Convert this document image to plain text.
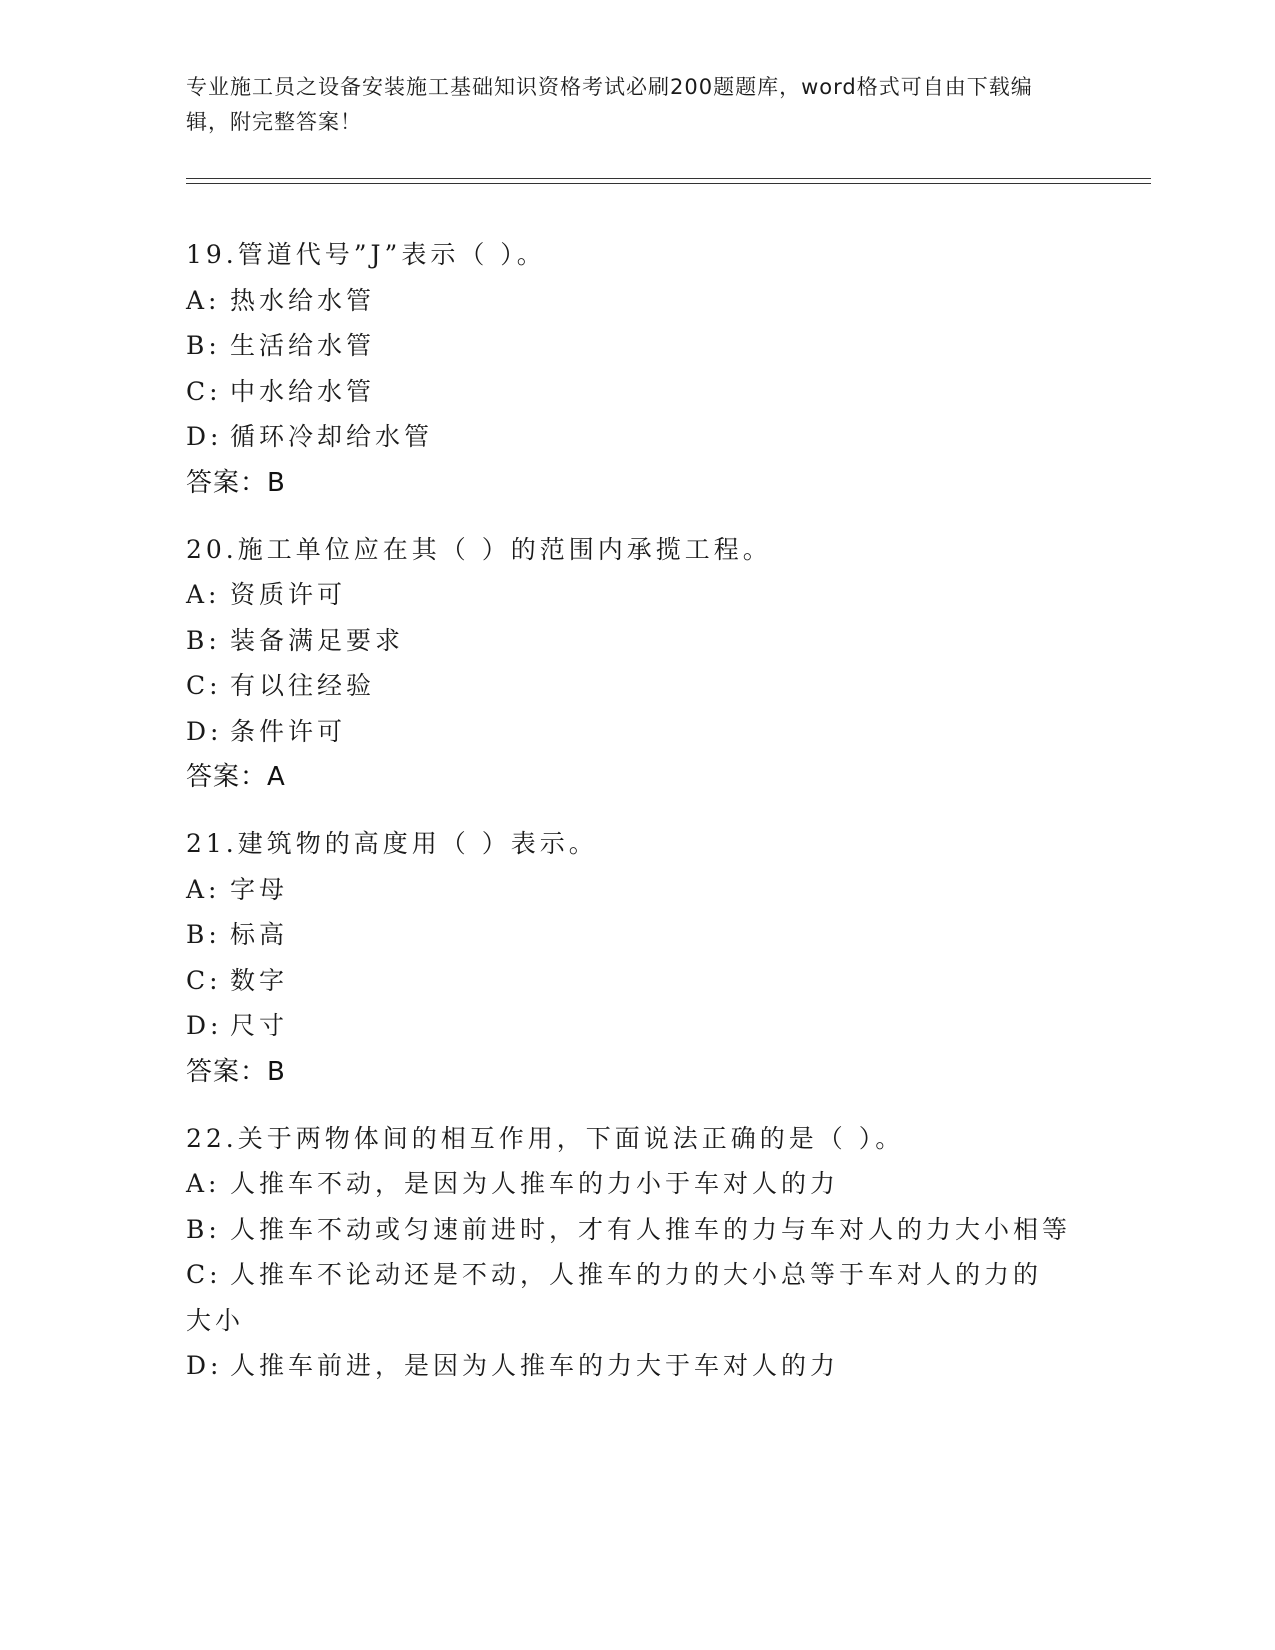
专业施工员之设备安装施工基础知识资格考试必刷200题题库，word格式可自由下载编辑，附完整答案！
19.管道代号”J”表示（ ）。
A: 热水给水管
B: 生活给水管
C: 中水给水管
D: 循环冷却给水管
答案：B
20.施工单位应在其（ ）的范围内承揽工程。
A: 资质许可
B: 装备满足要求
C: 有以往经验
D: 条件许可
答案：A
21.建筑物的高度用（ ）表示。
A: 字母
B: 标高
C: 数字
D: 尺寸
答案：B
22.关于两物体间的相互作用，下面说法正确的是（ ）。
A: 人推车不动，是因为人推车的力小于车对人的力
B: 人推车不动或匀速前进时，才有人推车的力与车对人的力大小相等
C: 人推车不论动还是不动，人推车的力的大小总等于车对人的力的大小
D: 人推车前进，是因为人推车的力大于车对人的力
